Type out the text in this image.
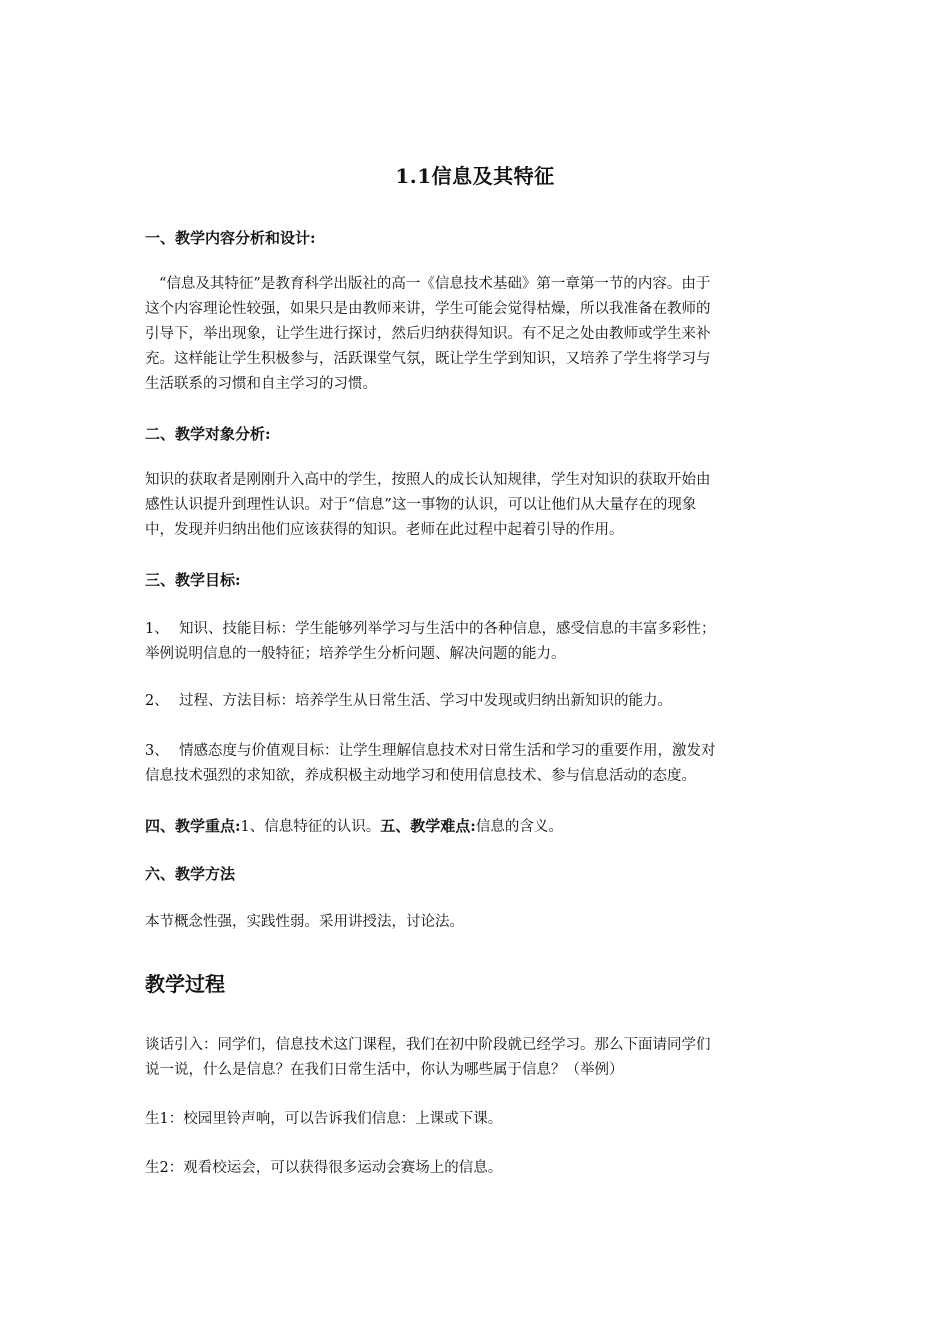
1.1信息及其特征
一、教学内容分析和设计:
“信息及其特征”是教育科学出版社的高一《信息技术基础》第一章第一节的内容。由于
这个内容理论性较强，如果只是由教师来讲，学生可能会觉得枯燥，所以我准备在教师的
引导下，举出现象，让学生进行探讨，然后归纳获得知识。有不足之处由教师或学生来补
充。这样能让学生积极参与，活跃课堂气氛，既让学生学到知识，又培养了学生将学习与
生活联系的习惯和自主学习的习惯。
二、教学对象分析:
知识的获取者是刚刚升入高中的学生，按照人的成长认知规律，学生对知识的获取开始由
感性认识提升到理性认识。对于“信息”这一事物的认识，可以让他们从大量存在的现象
中，发现并归纳出他们应该获得的知识。老师在此过程中起着引导的作用。
三、教学目标:
1、 知识、技能目标：学生能够列举学习与生活中的各种信息，感受信息的丰富多彩性；
举例说明信息的一般特征；培养学生分析问题、解决问题的能力。
2、 过程、方法目标：培养学生从日常生活、学习中发现或归纳出新知识的能力。
3、 情感态度与价值观目标：让学生理解信息技术对日常生活和学习的重要作用，激发对
信息技术强烈的求知欲，养成积极主动地学习和使用信息技术、参与信息活动的态度。
四、教学重点:1、信息特征的认识。五、教学难点:信息的含义。
六、教学方法
本节概念性强，实践性弱。采用讲授法，讨论法。
教学过程
谈话引入：同学们，信息技术这门课程，我们在初中阶段就已经学习。那么下面请同学们
说一说，什么是信息？在我们日常生活中，你认为哪些属于信息？（举例）
生1：校园里铃声响，可以告诉我们信息：上课或下课。
生2：观看校运会，可以获得很多运动会赛场上的信息。
